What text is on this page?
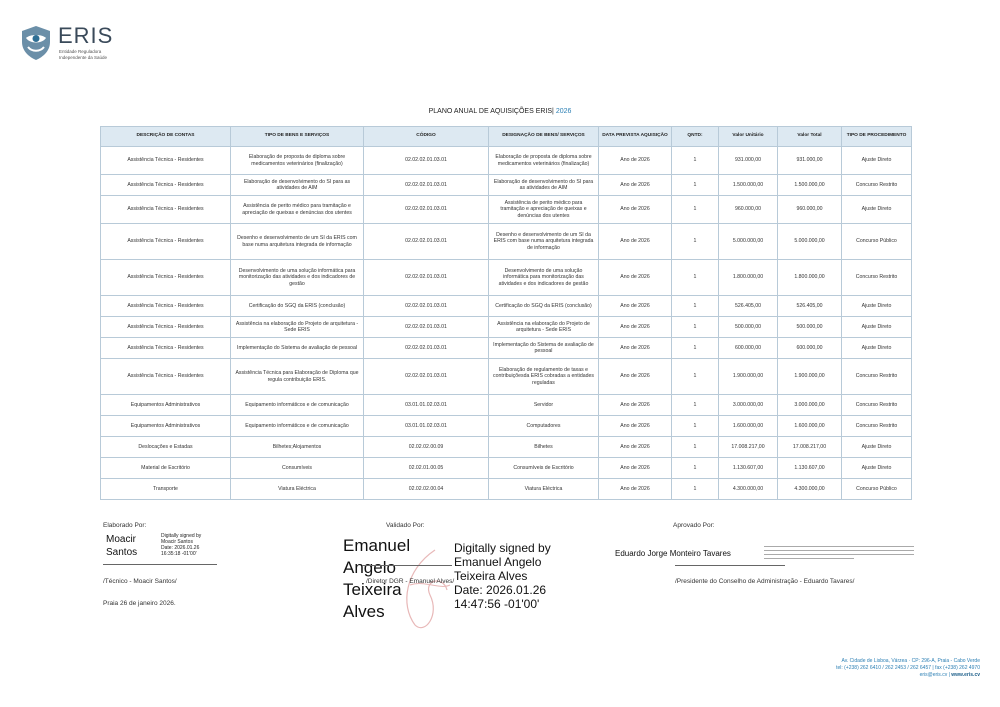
ERIS
Entidade Reguladora
Independente da Saúde
PLANO ANUAL DE AQUISIÇÕES ERIS| 2026
DESCRIÇÃO DE CONTAS	TIPO DE BENS E SERVIÇOS	CÓDIGO	DESIGNAÇÃO DE BENS/ SERVIÇOS	DATA PREVISTA AQUISIÇÃO	QNTD:	Valor Unitário	Valor Total	TIPO DE PROCEDIMENTO
Assistência Técnica - Residentes	Elaboração de proposta de diploma sobre medicamentos veterinários (finalização)	02.02.02.01.03.01	Elaboração de proposta de diploma sobre medicamentos veterinários (finalização)	Ano de 2026	1	931.000,00	931.000,00	Ajuste Direto
Assistência Técnica - Residentes	Elaboração de desenvolvimento do SI para as atividades de AIM	02.02.02.01.03.01	Elaboração de desenvolvimento do SI para as atividades de AIM	Ano de 2026	1	1.500.000,00	1.500.000,00	Concurso Restrito
Assistência Técnica - Residentes	Assistência de perito médico para tramitação e apreciação de queixas e denúncias dos utentes	02.02.02.01.03.01	Assistência de perito médico para tramitação e apreciação de queixas e denúncias dos utentes	Ano de 2026	1	960.000,00	960.000,00	Ajuste Direto
Assistência Técnica - Residentes	Desenho e desenvolvimento de um SI da ERIS com base numa arquitetura integrada de informação	02.02.02.01.03.01	Desenho e desenvolvimento de um SI da ERIS com base numa arquitetura integrada de informação	Ano de 2026	1	5.000.000,00	5.000.000,00	Concurso Público
Assistência Técnica - Residentes	Desenvolvimento de uma solução informática para monitorização das atividades e dos indicadores de gestão	02.02.02.01.03.01	Desenvolvimento de uma solução informática para monitorização das atividades e dos indicadores de gestão	Ano de 2026	1	1.800.000,00	1.800.000,00	Concurso Restrito
Assistência Técnica - Residentes	Certificação do SGQ da ERIS (conclusão)	02.02.02.01.03.01	Certificação do SGQ da ERIS (conclusão)	Ano de 2026	1	526.405,00	526.405,00	Ajuste Direto
Assistência Técnica - Residentes	Assistência na elaboração do Projeto de arquitetura - Sede ERIS	02.02.02.01.03.01	Assistência na elaboração do Projeto de arquitetura - Sede ERIS	Ano de 2026	1	500.000,00	500.000,00	Ajuste Direto
Assistência Técnica - Residentes	Implementação do Sistema de avaliação de pessoal	02.02.02.01.03.01	Implementação do Sistema de avaliação de pessoal	Ano de 2026	1	600.000,00	600.000,00	Ajuste Direto
Assistência Técnica - Residentes	Assistência Técnica para Elaboração de Diploma que regula contribuição ERIS.	02.02.02.01.03.01	Elaboração de regulamento de taxas e contribuiçõesda ERIS cobradas a entidades reguladas	Ano de 2026	1	1.900.000,00	1.900.000,00	Concurso Restrito
Equipamentos Administrativos	Equipamento informáticos e de comunicação	03.01.01.02.03.01	Servidor	Ano de 2026	1	3.000.000,00	3.000.000,00	Concurso Restrito
Equipamentos Administrativos	Equipamento informáticos e de comunicação	03.01.01.02.03.01	Computadores	Ano de 2026	1	1.600.000,00	1.600.000,00	Concurso Restrito
Deslocações e Estadas	Bilhetes;Alojamentos	02.02.02.00.09	Bilhetes	Ano de 2026	1	17.008.217,00	17.008.217,00	Ajuste Direto
Material de Escritório	Consumíveis	02.02.01.00.05	Consumíveis de Escritório	Ano de 2026	1	1.130.607,00	1.130.607,00	Ajuste Direto
Transporte	Viatura Eléctrica	02.02.02.00.04	Viatura Eléctrica	Ano de 2026	1	4.300.000,00	4.300.000,00	Concurso Público
Elaborado Por:
Moacir
Santos
Digitally signed by
Moacir Santos
Date: 2026.01.26
16:35:18 -01'00'
/Técnico - Moacir Santos/
Praia 26 de janeiro 2026.
Validado Por:
Emanuel
Angelo
Teixeira
Alves
/Diretor DGR - Emanuel Alves/
Digitally signed by
Emanuel Angelo
Teixeira Alves
Date: 2026.01.26
14:47:56 -01'00'
Aprovado Por:
Eduardo Jorge Monteiro Tavares
/Presidente do Conselho de Administração - Eduardo Tavares/
Av. Cidade de Lisboa, Várzea · CP: 296-A, Praia - Cabo Verde
tel: (+238) 262 6410 / 262 2453 / 262 6457 | fax (+238) 262 4970
eris@eris.cv | www.eris.cv
